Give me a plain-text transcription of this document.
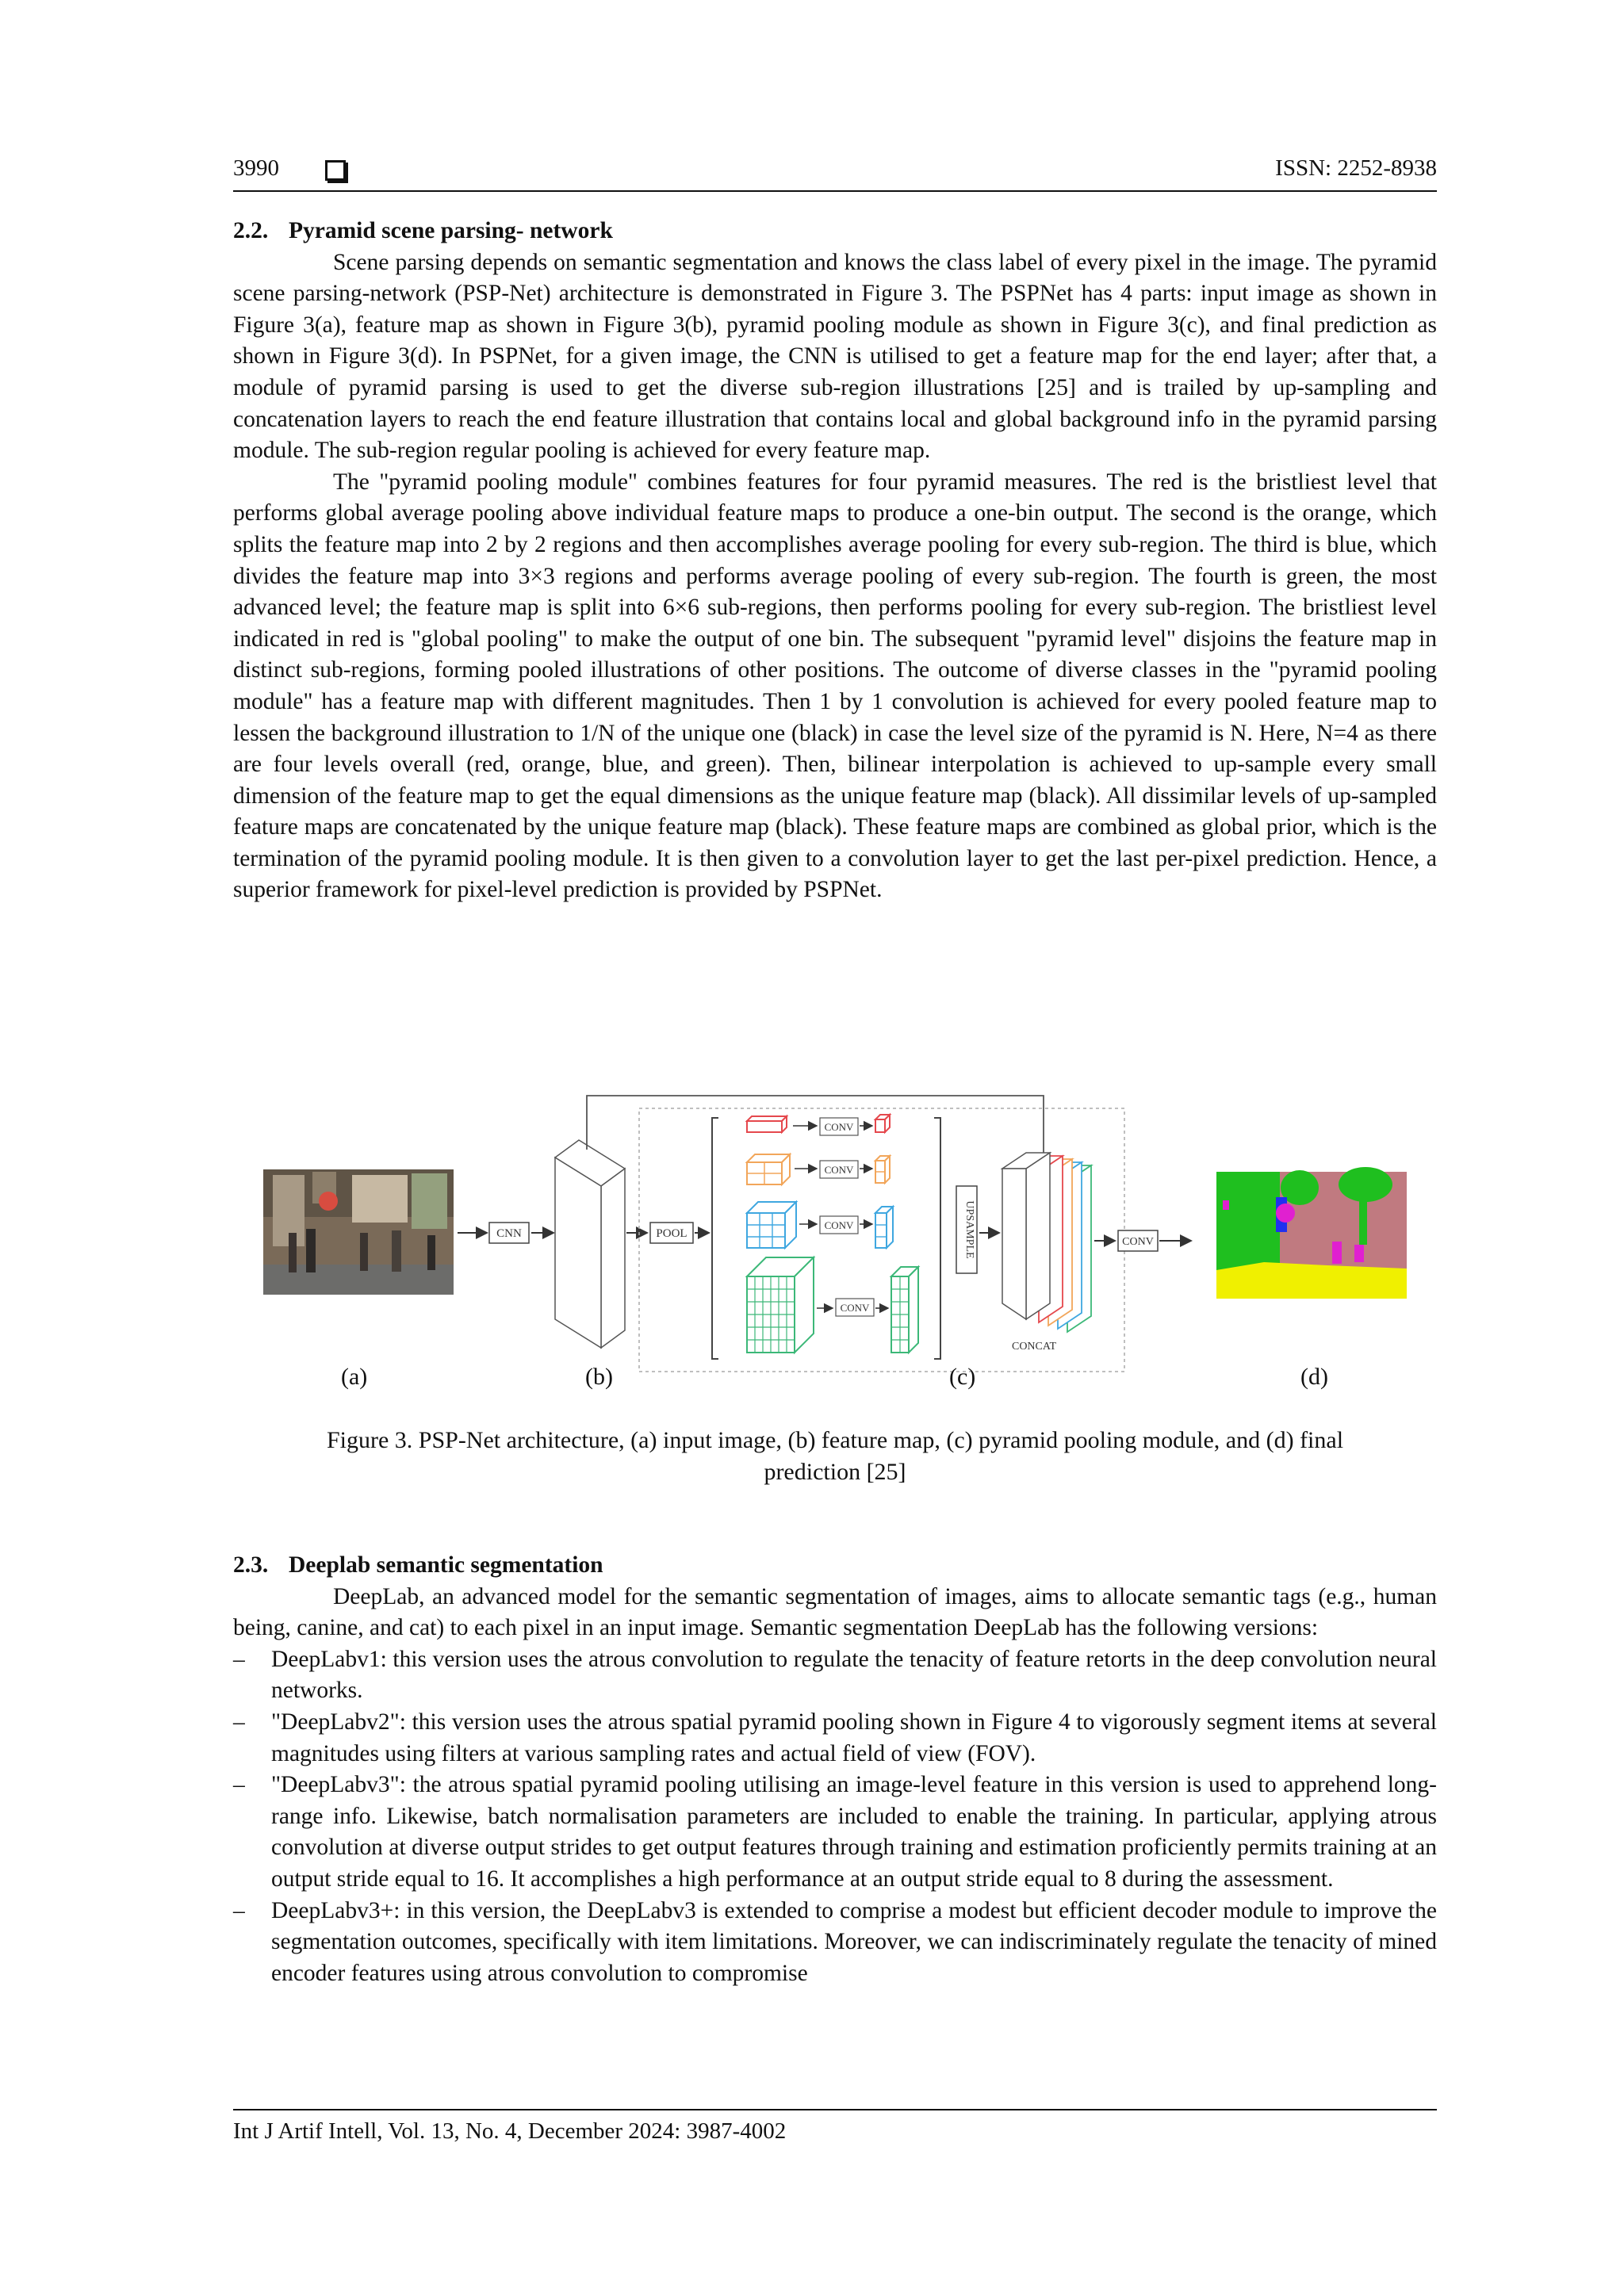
3990	ISSN: 2252-8938
2.2. Pyramid scene parsing- network

Scene parsing depends on semantic segmentation and knows the class label of every pixel in the image. The pyramid scene parsing-network (PSP-Net) architecture is demonstrated in Figure 3. The PSPNet has 4 parts: input image as shown in Figure 3(a), feature map as shown in Figure 3(b), pyramid pooling module as shown in Figure 3(c), and final prediction as shown in Figure 3(d). In PSPNet, for a given image, the CNN is utilised to get a feature map for the end layer; after that, a module of pyramid parsing is used to get the diverse sub-region illustrations [25] and is trailed by up-sampling and concatenation layers to reach the end feature illustration that contains local and global background info in the pyramid parsing module. The sub-region regular pooling is achieved for every feature map.

The "pyramid pooling module" combines features for four pyramid measures. The red is the bristliest level that performs global average pooling above individual feature maps to produce a one-bin output. The second is the orange, which splits the feature map into 2 by 2 regions and then accomplishes average pooling for every sub-region. The third is blue, which divides the feature map into 3×3 regions and performs average pooling of every sub-region. The fourth is green, the most advanced level; the feature map is split into 6×6 sub-regions, then performs pooling for every sub-region. The bristliest level indicated in red is "global pooling" to make the output of one bin. The subsequent "pyramid level" disjoins the feature map in distinct sub-regions, forming pooled illustrations of other positions. The outcome of diverse classes in the "pyramid pooling module" has a feature map with different magnitudes. Then 1 by 1 convolution is achieved for every pooled feature map to lessen the background illustration to 1/N of the unique one (black) in case the level size of the pyramid is N. Here, N=4 as there are four levels overall (red, orange, blue, and green). Then, bilinear interpolation is achieved to up-sample every small dimension of the feature map to get the equal dimensions as the unique feature map (black). All dissimilar levels of up-sampled feature maps are concatenated by the unique feature map (black). These feature maps are combined as global prior, which is the termination of the pyramid pooling module. It is then given to a convolution layer to get the last per-pixel prediction. Hence, a superior framework for pixel-level prediction is provided by PSPNet.

CNN	POOL
CONV
CONV
CONV
CONV
UPSAMPLE
CONCAT
CONV
(a)	(b)	(c)	(d)
Figure 3. PSP-Net architecture, (a) input image, (b) feature map, (c) pyramid pooling module, and (d) final
prediction [25]
2.3. Deeplab semantic segmentation

DeepLab, an advanced model for the semantic segmentation of images, aims to allocate semantic tags (e.g., human being, canine, and cat) to each pixel in an input image. Semantic segmentation DeepLab has the following versions:

– DeepLabv1: this version uses the atrous convolution to regulate the tenacity of feature retorts in the deep convolution neural networks.
– "DeepLabv2": this version uses the atrous spatial pyramid pooling shown in Figure 4 to vigorously segment items at several magnitudes using filters at various sampling rates and actual field of view (FOV).
– "DeepLabv3": the atrous spatial pyramid pooling utilising an image-level feature in this version is used to apprehend long-range info. Likewise, batch normalisation parameters are included to enable the training. In particular, applying atrous convolution at diverse output strides to get output features through training and estimation proficiently permits training at an output stride equal to 16. It accomplishes a high performance at an output stride equal to 8 during the assessment.
– DeepLabv3+: in this version, the DeepLabv3 is extended to comprise a modest but efficient decoder module to improve the segmentation outcomes, specifically with item limitations. Moreover, we can indiscriminately regulate the tenacity of mined encoder features using atrous convolution to compromise
Int J Artif Intell, Vol. 13, No. 4, December 2024: 3987-4002
